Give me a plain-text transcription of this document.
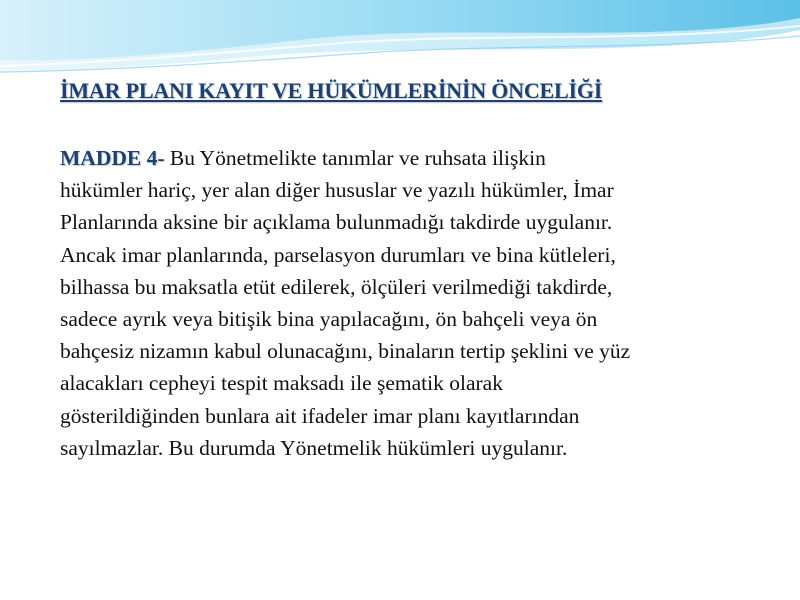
İMAR PLANI KAYIT VE HÜKÜMLERİNİN ÖNCELİĞİ
MADDE 4- Bu Yönetmelikte tanımlar ve ruhsata ilişkin
hükümler hariç, yer alan diğer hususlar ve yazılı hükümler, İmar
Planlarında aksine bir açıklama bulunmadığı takdirde uygulanır.
Ancak imar planlarında, parselasyon durumları ve bina kütleleri,
bilhassa bu maksatla etüt edilerek, ölçüleri verilmediği takdirde,
sadece ayrık veya bitişik bina yapılacağını, ön bahçeli veya ön
bahçesiz nizamın kabul olunacağını, binaların tertip şeklini ve yüz
alacakları cepheyi tespit maksadı ile şematik olarak
gösterildiğinden bunlara ait ifadeler imar planı kayıtlarından
sayılmazlar. Bu durumda Yönetmelik hükümleri uygulanır.
